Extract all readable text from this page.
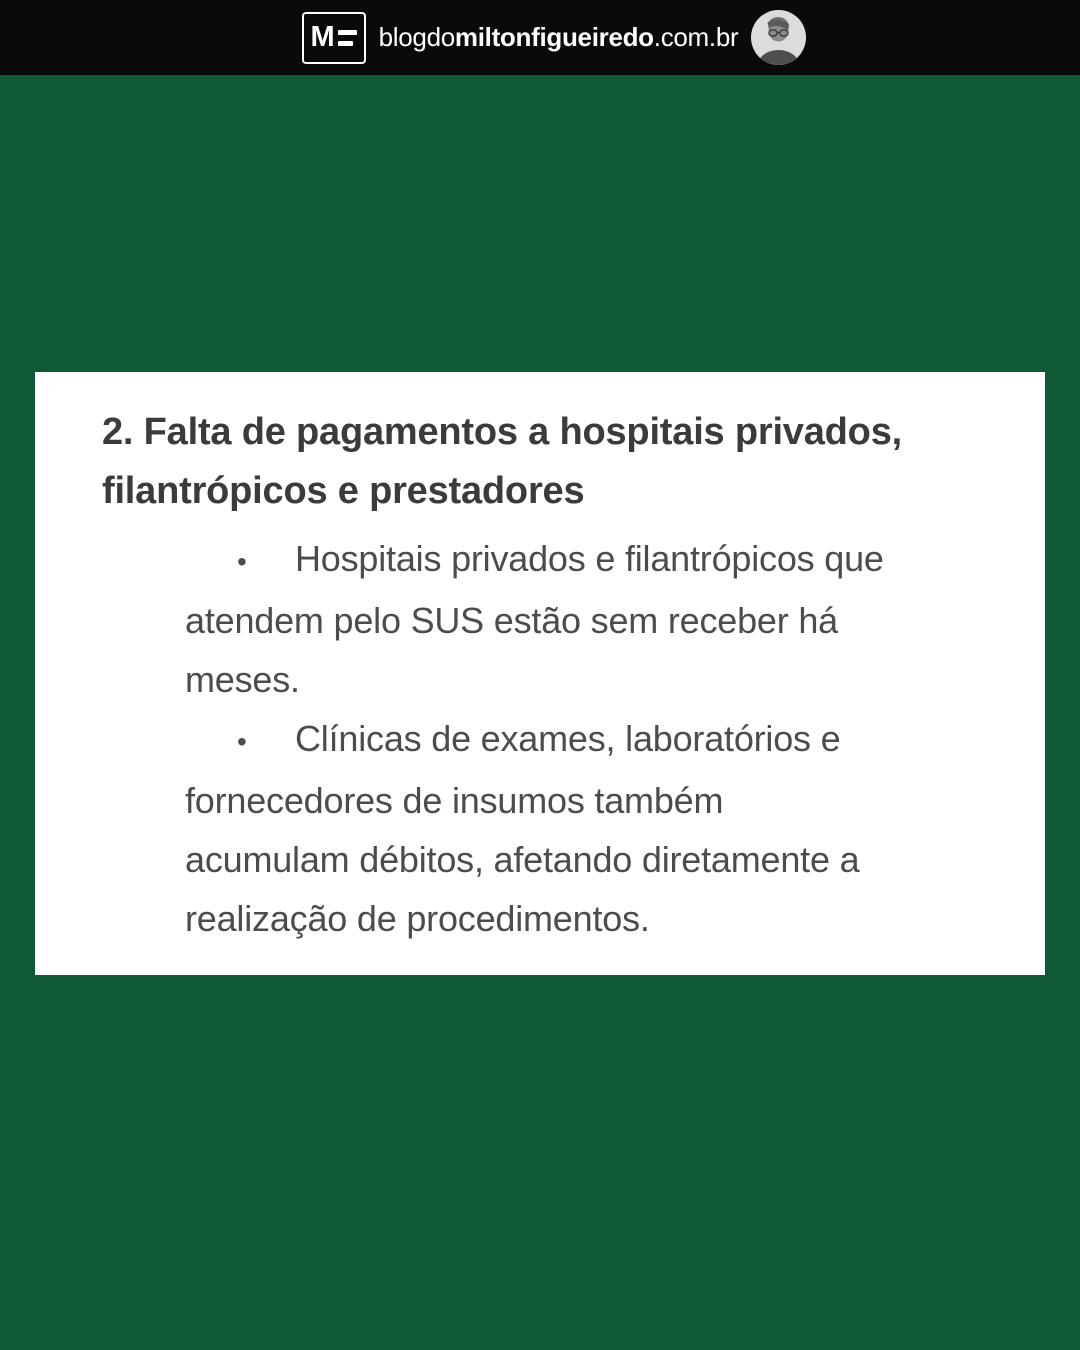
M blogdomiltonfigueiredo.com.br
2. Falta de pagamentos a hospitais privados,
filantrópicos e prestadores

• Hospitais privados e filantrópicos que

atendem pelo SUS estão sem receber há

meses.

• Clínicas de exames, laboratórios e

fornecedores de insumos também

acumulam débitos, afetando diretamente a

realização de procedimentos.
